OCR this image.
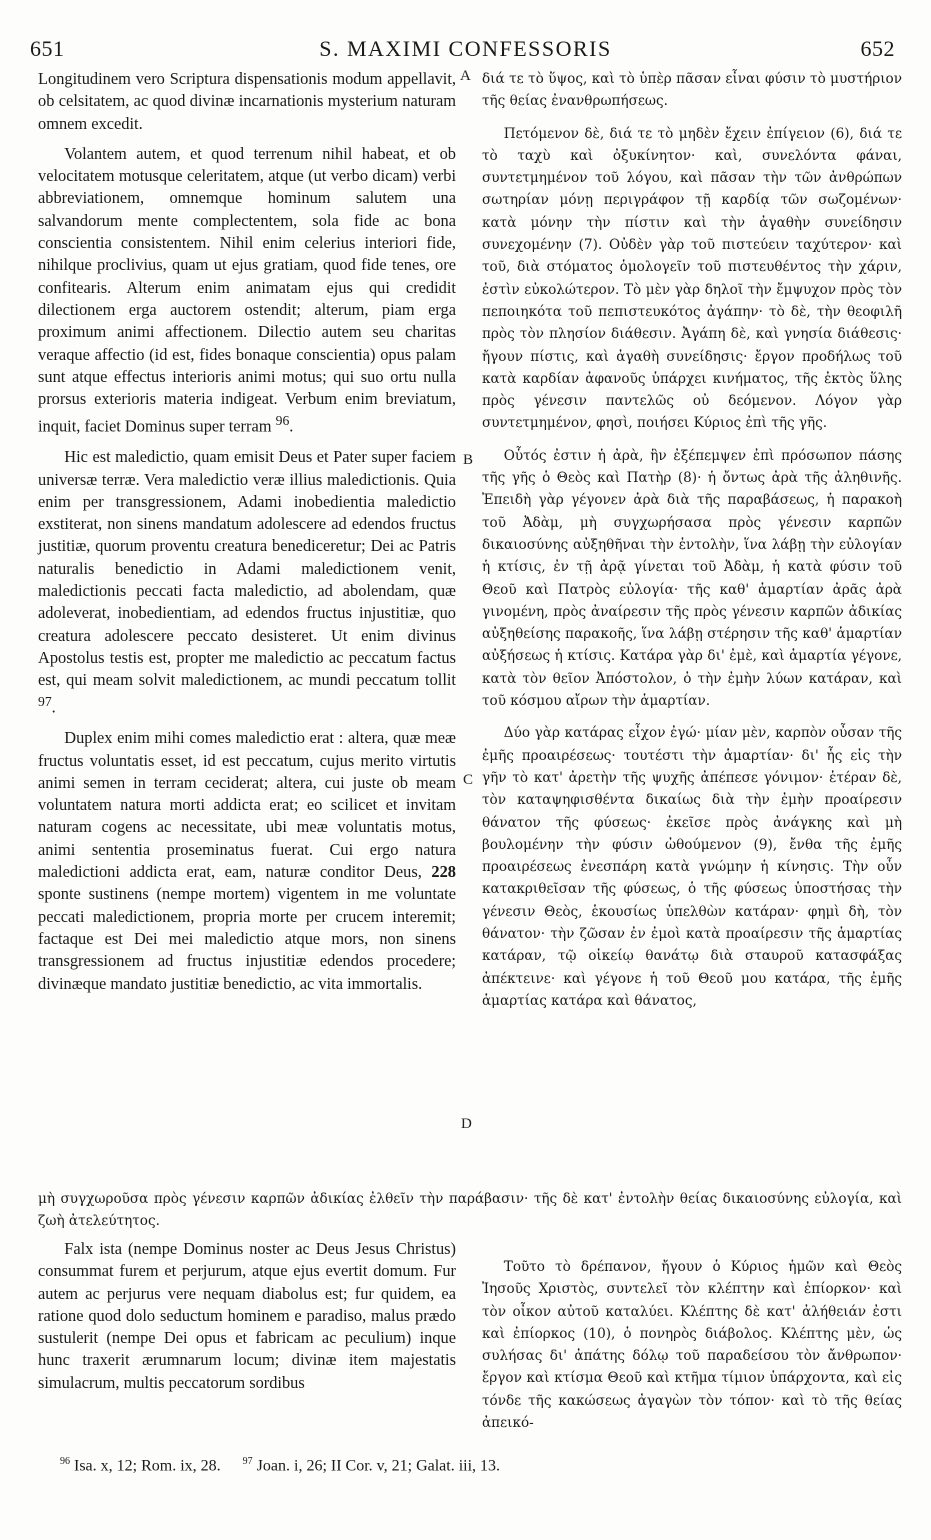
651	S. MAXIMI CONFESSORIS	652
A
B
C
D

Longitudinem vero Scriptura dispensationis modum appellavit, ob celsitatem, ac quod divinæ incarnationis mysterium naturam omnem excedit.

Volantem autem, et quod terrenum nihil habeat, et ob velocitatem motusque celeritatem, atque (ut verbo dicam) verbi abbreviationem, omnemque hominum salutem una salvandorum mente complectentem, sola fide ac bona conscientia consistentem. Nihil enim celerius interiori fide, nihilque proclivius, quam ut ejus gratiam, quod fide tenes, ore confitearis. Alterum enim animatam ejus qui credidit dilectionem erga auctorem ostendit; alterum, piam erga proximum animi affectionem. Dilectio autem seu charitas veraque affectio (id est, fides bonaque conscientia) opus palam sunt atque effectus interioris animi motus; qui suo ortu nulla prorsus exterioris materia indigeat. Verbum enim breviatum, inquit, faciet Dominus super terram $^{96}$.

Hic est maledictio, quam emisit Deus et Pater super faciem universæ terræ. Vera maledictio veræ illius maledictionis. Quia enim per transgressionem, Adami inobedientia maledictio exstiterat, non sinens mandatum adolescere ad edendos fructus justitiæ, quorum proventu creatura benediceretur; Dei ac Patris naturalis benedictio in Adami maledictionem venit, maledictionis peccati facta maledictio, ad abolendam, quæ adoleverat, inobedientiam, ad edendos fructus injustitiæ, quo creatura adolescere peccato desisteret. Ut enim divinus Apostolus testis est, propter me maledictio ac peccatum factus est, qui meam solvit maledictionem, ac mundi peccatum tollit $^{97}$.

Duplex enim mihi comes maledictio erat : altera, quæ meæ fructus voluntatis esset, id est peccatum, cujus merito virtutis animi semen in terram ceciderat; altera, cui juste ob meam voluntatem natura morti addicta erat; eo scilicet et invitam naturam cogens ac necessitate, ubi meæ voluntatis motus, animi sententia proseminatus fuerat. Cui ergo natura maledictioni addicta erat, eam, naturæ conditor Deus, 228 sponte sustinens (nempe mortem) vigentem in me voluntate peccati maledictionem, propria morte per crucem interemit; factaque est Dei mei maledictio atque mors, non sinens transgressionem ad fructus injustitiæ edendos procedere; divinæque mandato justitiæ benedictio, ac vita immortalis.

διά τε τὸ ὕψος, καὶ τὸ ὑπὲρ πᾶσαν εἶναι φύσιν τὸ μυστήριον τῆς θείας ἐνανθρωπήσεως.

Πετόμενον δὲ, διά τε τὸ μηδὲν ἔχειν ἐπίγειον (6), διά τε τὸ ταχὺ καὶ ὀξυκίνητον· καὶ, συνελόντα φάναι, συντετμημένον τοῦ λόγου, καὶ πᾶσαν τὴν τῶν ἀνθρώπων σωτηρίαν μόνῃ περιγράφον τῇ καρδίᾳ τῶν σωζομένων· κατὰ μόνην τὴν πίστιν καὶ τὴν ἀγαθὴν συνείδησιν συνεχομένην (7). Οὐδὲν γὰρ τοῦ πιστεύειν ταχύτερον· καὶ τοῦ, διὰ στόματος ὁμολογεῖν τοῦ πιστευθέντος τὴν χάριν, ἐστὶν εὐκολώτερον. Τὸ μὲν γὰρ δηλοῖ τὴν ἔμψυχον πρὸς τὸν πεποιηκότα τοῦ πεπιστευκότος ἀγάπην· τὸ δὲ, τὴν θεοφιλῆ πρὸς τὸν πλησίον διάθεσιν. Ἀγάπη δὲ, καὶ γνησία διάθεσις· ἤγουν πίστις, καὶ ἀγαθὴ συνείδησις· ἔργον προδήλως τοῦ κατὰ καρδίαν ἀφανοῦς ὑπάρχει κινήματος, τῆς ἐκτὸς ὕλης πρὸς γένεσιν παντελῶς οὐ δεόμενον. Λόγον γὰρ συντετμημένον, φησὶ, ποιήσει Κύριος ἐπὶ τῆς γῆς.

Οὗτός ἐστιν ἡ ἀρὰ, ἣν ἐξέπεμψεν ἐπὶ πρόσωπον πάσης τῆς γῆς ὁ Θεὸς καὶ Πατὴρ (8)· ἡ ὄντως ἀρὰ τῆς ἀληθινῆς. Ἐπειδὴ γὰρ γέγονεν ἀρὰ διὰ τῆς παραβάσεως, ἡ παρακοὴ τοῦ Ἀδὰμ, μὴ συγχωρήσασα πρὸς γένεσιν καρπῶν δικαιοσύνης αὐξηθῆναι τὴν ἐντολὴν, ἵνα λάβῃ τὴν εὐλογίαν ἡ κτίσις, ἐν τῇ ἀρᾷ γίνεται τοῦ Ἀδὰμ, ἡ κατὰ φύσιν τοῦ Θεοῦ καὶ Πατρὸς εὐλογία· τῆς καθ' ἁμαρτίαν ἀρᾶς ἀρὰ γινομένη, πρὸς ἀναίρεσιν τῆς πρὸς γένεσιν καρπῶν ἀδικίας αὐξηθείσης παρακοῆς, ἵνα λάβῃ στέρησιν τῆς καθ' ἁμαρτίαν αὐξήσεως ἡ κτίσις. Κατάρα γὰρ δι' ἐμὲ, καὶ ἁμαρτία γέγονε, κατὰ τὸν θεῖον Ἀπόστολον, ὁ τὴν ἐμὴν λύων κατάραν, καὶ τοῦ κόσμου αἴρων τὴν ἁμαρτίαν.

Δύο γὰρ κατάρας εἶχον ἐγώ· μίαν μὲν, καρπὸν οὖσαν τῆς ἐμῆς προαιρέσεως· τουτέστι τὴν ἁμαρτίαν· δι' ἧς εἰς τὴν γῆν τὸ κατ' ἀρετὴν τῆς ψυχῆς ἀπέπεσε γόνιμον· ἑτέραν δὲ, τὸν καταψηφισθέντα δικαίως διὰ τὴν ἐμὴν προαίρεσιν θάνατον τῆς φύσεως· ἐκεῖσε πρὸς ἀνάγκης καὶ μὴ βουλομένην τὴν φύσιν ὠθούμενον (9), ἔνθα τῆς ἐμῆς προαιρέσεως ἐνεσπάρη κατὰ γνώμην ἡ κίνησις. Τὴν οὖν κατακριθεῖσαν τῆς φύσεως, ὁ τῆς φύσεως ὑποστήσας τὴν γένεσιν Θεὸς, ἑκουσίως ὑπελθὼν κατάραν· φημὶ δὴ, τὸν θάνατον· τὴν ζῶσαν ἐν ἐμοὶ κατὰ προαίρεσιν τῆς ἁμαρτίας κατάραν, τῷ οἰκείῳ θανάτῳ διὰ σταυροῦ κατασφάξας ἀπέκτεινε· καὶ γέγονε ἡ τοῦ Θεοῦ μου κατάρα, τῆς ἐμῆς ἁμαρτίας κατάρα καὶ θάνατος,

μὴ συγχωροῦσα πρὸς γένεσιν καρπῶν ἀδικίας ἐλθεῖν τὴν παράβασιν· τῆς δὲ κατ' ἐντολὴν θείας δικαιοσύνης εὐλογία, καὶ ζωὴ ἀτελεύτητος.

Falx ista (nempe Dominus noster ac Deus Jesus Christus) consummat furem et perjurum, atque ejus evertit domum. Fur autem ac perjurus vere nequam diabolus est; fur quidem, ea ratione quod dolo seductum hominem e paradiso, malus prædo sustulerit (nempe Dei opus et fabricam ac peculium) inque hunc traxerit ærumnarum locum; divinæ item majestatis simulacrum, multis peccatorum sordibus

Τοῦτο τὸ δρέπανον, ἤγουν ὁ Κύριος ἡμῶν καὶ Θεὸς Ἰησοῦς Χριστὸς, συντελεῖ τὸν κλέπτην καὶ ἐπίορκον· καὶ τὸν οἶκον αὐτοῦ καταλύει. Κλέπτης δὲ κατ' ἀλήθειάν ἐστι καὶ ἐπίορκος (10), ὁ πονηρὸς διάβολος. Κλέπτης μὲν, ὡς συλήσας δι' ἀπάτης δόλῳ τοῦ παραδείσου τὸν ἄνθρωπον· ἔργον καὶ κτίσμα Θεοῦ καὶ κτῆμα τίμιον ὑπάρχοντα, καὶ εἰς τόνδε τῆς κακώσεως ἀγαγὼν τὸν τόπον· καὶ τὸ τῆς θείας ἀπεικό-

$^{96}$ Isa. x, 12; Rom. ix, 28. $^{97}$ Joan. i, 26; II Cor. v, 21; Galat. iii, 13.
